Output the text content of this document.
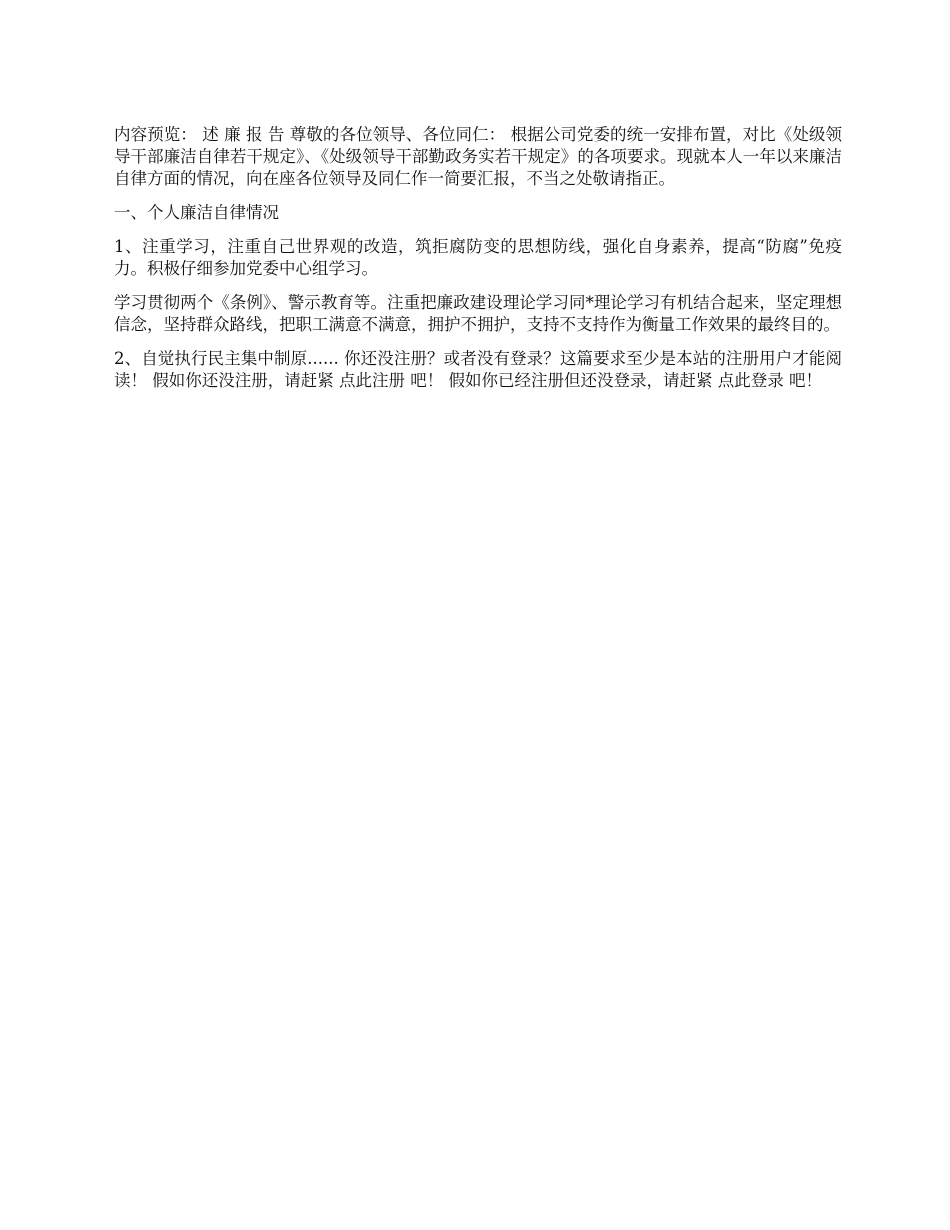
内容预览： 述 廉 报 告 尊敬的各位领导、各位同仁： 根据公司党委的统一安排布置，对比《处级领导干部廉洁自律若干规定》、《处级领导干部勤政务实若干规定》的各项要求。现就本人一年以来廉洁自律方面的情况，向在座各位领导及同仁作一简要汇报，不当之处敬请指正。

一、个人廉洁自律情况

1、注重学习，注重自己世界观的改造，筑拒腐防变的思想防线，强化自身素养，提高“防腐”免疫力。积极仔细参加党委中心组学习。

学习贯彻两个《条例》、警示教育等。注重把廉政建设理论学习同*理论学习有机结合起来，坚定理想信念，坚持群众路线，把职工满意不满意，拥护不拥护，支持不支持作为衡量工作效果的最终目的。

2、自觉执行民主集中制原...... 你还没注册？或者没有登录？这篇要求至少是本站的注册用户才能阅读！ 假如你还没注册，请赶紧 点此注册 吧！ 假如你已经注册但还没登录，请赶紧 点此登录 吧！
